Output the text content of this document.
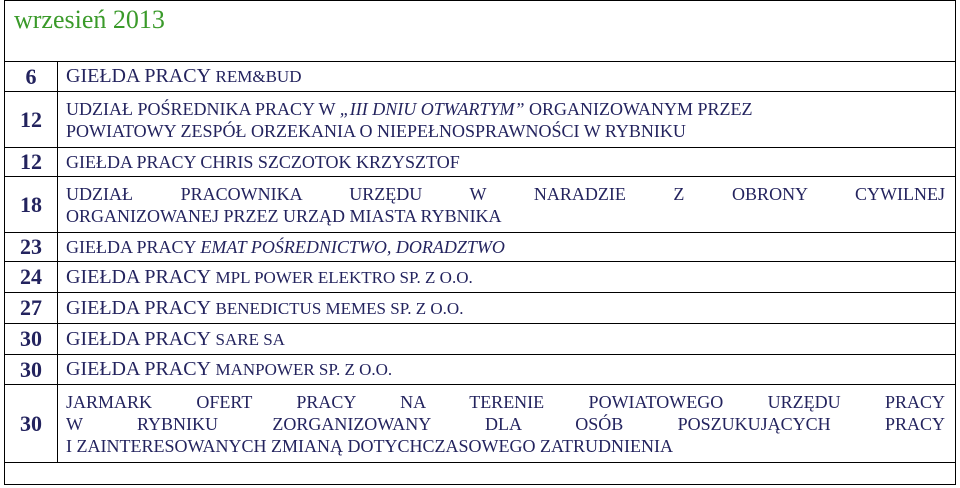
wrzesień 2013
6	GIEŁDA PRACY REM&BUD
12	UDZIAŁ POŚREDNIKA PRACY W „III DNIU OTWARTYM” ORGANIZOWANYM PRZEZ
POWIATOWY ZESPÓŁ ORZEKANIA O NIEPEŁNOSPRAWNOŚCI W RYBNIKU

12	GIEŁDA PRACY CHRIS SZCZOTOK KRZYSZTOF
18	UDZIAŁ PRACOWNIKA URZĘDU W NARADZIE Z OBRONY CYWILNEJ
ORGANIZOWANEJ PRZEZ URZĄD MIASTA RYBNIKA

23	GIEŁDA PRACY EMAT POŚREDNICTWO, DORADZTWO
24	GIEŁDA PRACY MPL POWER ELEKTRO SP. Z O.O.
27	GIEŁDA PRACY BENEDICTUS MEMES SP. Z O.O.
30	GIEŁDA PRACY SARE SA
30	GIEŁDA PRACY MANPOWER SP. Z O.O.
30	JARMARK OFERT PRACY NA TERENIE POWIATOWEGO URZĘDU PRACY
W RYBNIKU ZORGANIZOWANY DLA OSÓB POSZUKUJĄCYCH PRACY
I ZAINTERESOWANYCH ZMIANĄ DOTYCHCZASOWEGO ZATRUDNIENIA
